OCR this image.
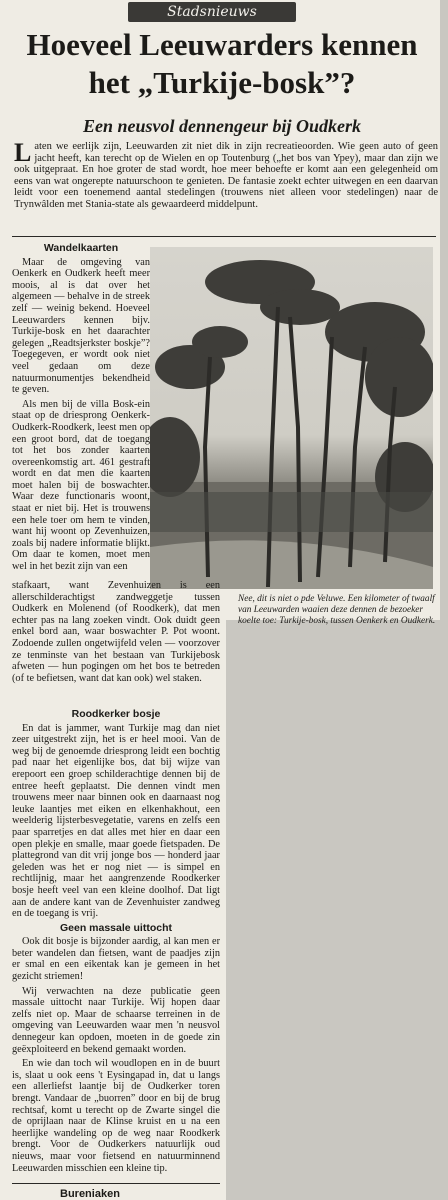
Stadsnieuws
Hoeveel Leeuwarders kennen
het „Turkije-bosk”?
Een neusvol dennengeur bij Oudkerk
Laten we eerlijk zijn, Leeuwarden zit niet dik in zijn recreatieoorden. Wie geen auto of geen jacht heeft, kan terecht op de Wielen en op Toutenburg („het bos van Ypey), maar dan zijn we ook uitgepraat. En hoe groter de stad wordt, hoe meer behoefte er komt aan een gelegenheid om eens van wat ongerepte natuurschoon te genieten. De fantasie zoekt echter uitwegen en een daarvan leidt voor een toenemend aantal stedelingen (trouwens niet alleen voor stedelingen) naar de Trynwâlden met Stania-state als gewaardeerd middelpunt.
Wandelkaarten

Maar de omgeving van Oenkerk en Oudkerk heeft meer moois, al is dat over het algemeen — behalve in de streek zelf — weinig bekend. Hoeveel Leeuwarders kennen bijv. Turkije-bosk en het daarachter gelegen „Readtsjerkster boskje”? Toegegeven, er wordt ook niet veel gedaan om deze natuurmonumentjes bekendheid te geven.

Als men bij de villa Bosk-ein staat op de driesprong Oenkerk-Oudkerk-Roodkerk, leest men op een groot bord, dat de toegang tot het bos zonder kaarten overeenkomstig art. 461 gestraft wordt en dat men die kaarten moet halen bij de boswachter. Waar deze functionaris woont, staat er niet bij. Het is trouwens een hele toer om hem te vinden, want hij woont op Zevenhuizen, zoals bij nadere informatie blijkt. Om daar te komen, moet men wel in het bezit zijn van een

stafkaart, want Zevenhuizen is een allerschilderachtigst zandweggetje tussen Oudkerk en Molenend (of Roodkerk), dat men echter pas na lang zoeken vindt. Ook duidt geen enkel bord aan, waar boswachter P. Pot woont. Zodoende zullen ongetwijfeld velen — voorzover ze tenminste van het bestaan van Turkijebosk afweten — hun pogingen om het bos te betreden (of te befietsen, want dat kan ook) wel staken.

Nee, dit is niet o pde Veluwe. Een kilometer of twaalf van Leeuwarden waaien deze dennen de bezoeker koelte toe: Turkije-bosk, tussen Oenkerk en Oudkerk.
Roodkerker bosje

En dat is jammer, want Turkije mag dan niet zeer uitgestrekt zijn, het is er heel mooi. Van de weg bij de genoemde driesprong leidt een bochtig pad naar het eigenlijke bos, dat bij wijze van erepoort een groep schilderachtige dennen bij de entree heeft geplaatst. Die dennen vindt men trouwens meer naar binnen ook en daarnaast nog leuke laantjes met eiken en elkenhakhout, een weelderig lijsterbesvegetatie, varens en zelfs een paar sparretjes en dat alles met hier en daar een open plekje en smalle, maar goede fietspaden. De plattegrond van dit vrij jonge bos — honderd jaar geleden was het er nog niet — is simpel en rechtlijnig, maar het aangrenzende Roodkerker bosje heeft veel van een kleine doolhof. Dat ligt aan de andere kant van de Zevenhuister zandweg en de toegang is vrij.

Geen massale uittocht

Ook dit bosje is bijzonder aardig, al kan men er beter wandelen dan fietsen, want de paadjes zijn er smal en een eikentak kan je gemeen in het gezicht striemen!

Wij verwachten na deze publicatie geen massale uittocht naar Turkije. Wij hopen daar zelfs niet op. Maar de schaarse terreinen in de omgeving van Leeuwarden waar men 'n neusvol dennegeur kan opdoen, moeten in de goede zin geëxploiteerd en bekend gemaakt worden.

En wie dan toch wil woudlopen en in de buurt is, slaat u ook eens 't Eysingapad in, dat u langs een allerliefst laantje bij de Oudkerker toren brengt. Vandaar de „buorren” door en bij de brug rechtsaf, komt u terecht op de Zwarte singel die de oprijlaan naar de Klinse kruist en u na een heerlijke wandeling op de weg naar Roodkerk brengt. Voor de Oudkerkers natuurlijk oud nieuws, maar voor fietsend en natuurminnend Leeuwarden misschien een kleine tip.

Bureniaken
